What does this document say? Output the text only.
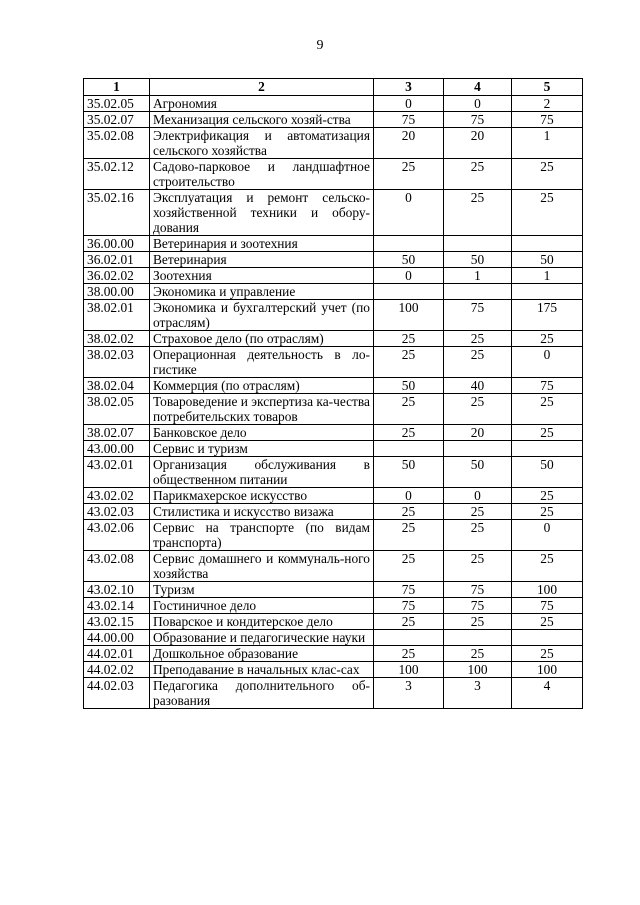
9
1	2	3	4	5
35.02.05	Агрономия	0	0	2
35.02.07	Механизация сельского хозяй-ства	75	75	75
35.02.08	Электрификация и автоматизация сельского хозяйства	20	20	1
35.02.12	Садово-парковое и ландшафтное строительство	25	25	25
35.02.16	Эксплуатация и ремонт сельско-хозяйственной техники и обору-дования	0	25	25
36.00.00	Ветеринария и зоотехния			
36.02.01	Ветеринария	50	50	50
36.02.02	Зоотехния	0	1	1
38.00.00	Экономика и управление			
38.02.01	Экономика и бухгалтерский учет (по отраслям)	100	75	175
38.02.02	Страховое дело (по отраслям)	25	25	25
38.02.03	Операционная деятельность в ло-гистике	25	25	0
38.02.04	Коммерция (по отраслям)	50	40	75
38.02.05	Товароведение и экспертиза ка-чества потребительских товаров	25	25	25
38.02.07	Банковское дело	25	20	25
43.00.00	Сервис и туризм			
43.02.01	Организация обслуживания в общественном питании	50	50	50
43.02.02	Парикмахерское искусство	0	0	25
43.02.03	Стилистика и искусство визажа	25	25	25
43.02.06	Сервис на транспорте (по видам транспорта)	25	25	0
43.02.08	Сервис домашнего и коммуналь-ного хозяйства	25	25	25
43.02.10	Туризм	75	75	100
43.02.14	Гостиничное дело	75	75	75
43.02.15	Поварское и кондитерское дело	25	25	25
44.00.00	Образование и педагогические науки			
44.02.01	Дошкольное образование	25	25	25
44.02.02	Преподавание в начальных клас-сах	100	100	100
44.02.03	Педагогика дополнительного об-разования	3	3	4
